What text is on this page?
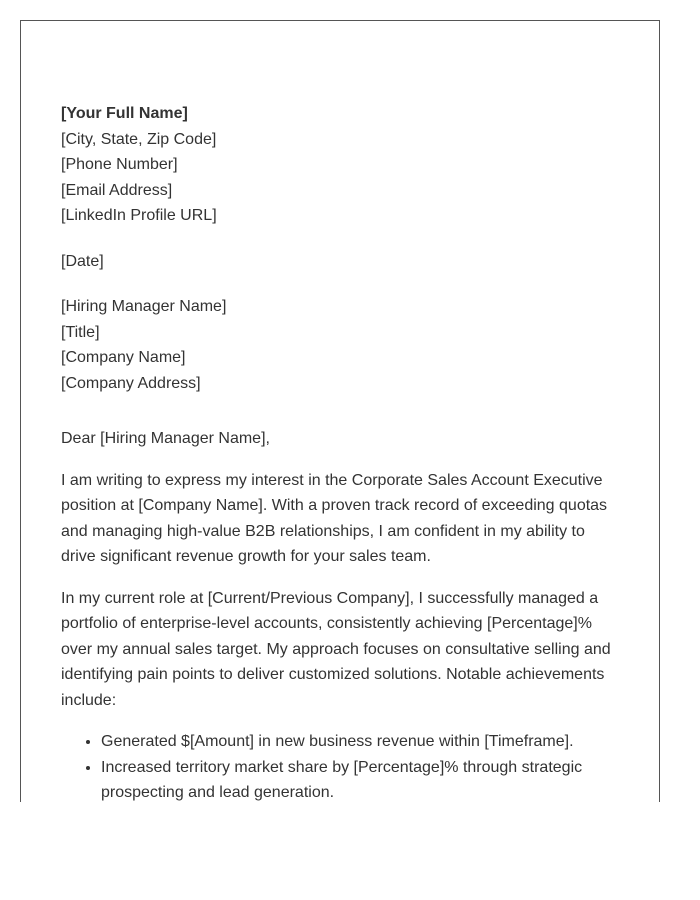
[Your Full Name]

[City, State, Zip Code]

[Phone Number]

[Email Address]

[LinkedIn Profile URL]

[Date]

[Hiring Manager Name]

[Title]

[Company Name]

[Company Address]

Dear [Hiring Manager Name],

I am writing to express my interest in the Corporate Sales Account Executive position at [Company Name]. With a proven track record of exceeding quotas and managing high-value B2B relationships, I am confident in my ability to drive significant revenue growth for your sales team.

In my current role at [Current/Previous Company], I successfully managed a portfolio of enterprise-level accounts, consistently achieving [Percentage]% over my annual sales target. My approach focuses on consultative selling and identifying pain points to deliver customized solutions. Notable achievements include:

• Generated $[Amount] in new business revenue within [Timeframe].
• Increased territory market share by [Percentage]% through strategic prospecting and lead generation.
